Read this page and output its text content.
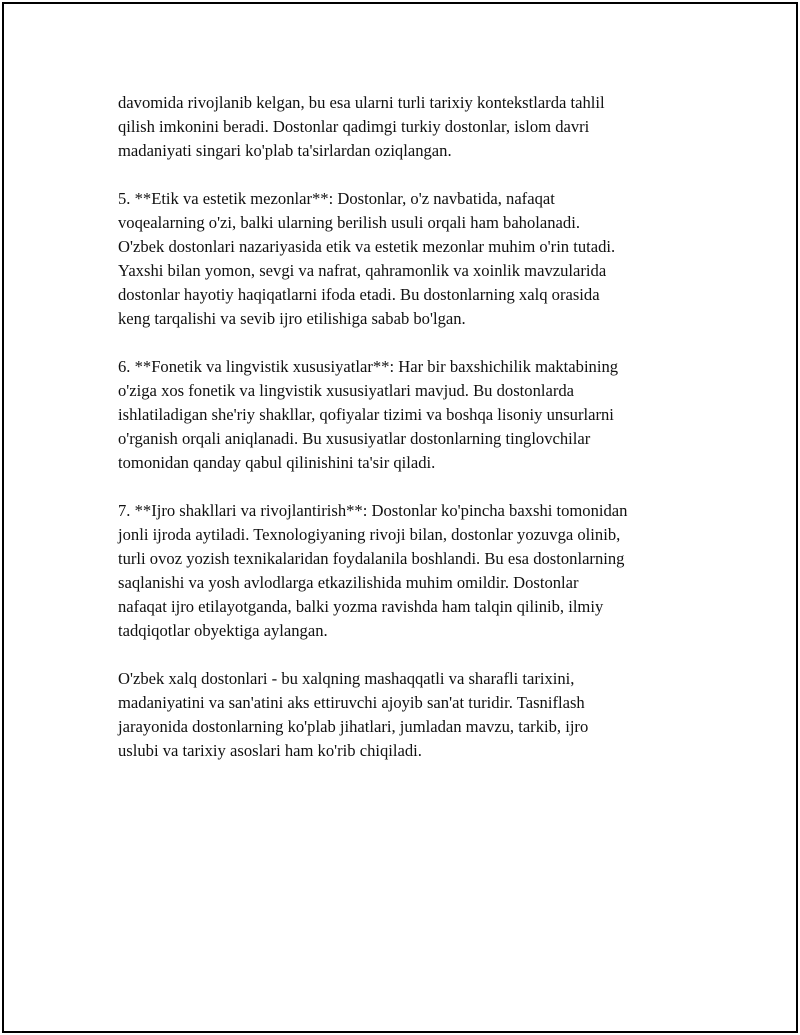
davomida rivojlanib kelgan, bu esa ularni turli tarixiy kontekstlarda tahlil
qilish imkonini beradi. Dostonlar qadimgi turkiy dostonlar, islom davri
madaniyati singari ko'plab ta'sirlardan oziqlangan.

5. **Etik va estetik mezonlar**: Dostonlar, o'z navbatida, nafaqat
voqealarning o'zi, balki ularning berilish usuli orqali ham baholanadi.
O'zbek dostonlari nazariyasida etik va estetik mezonlar muhim o'rin tutadi.
Yaxshi bilan yomon, sevgi va nafrat, qahramonlik va xoinlik mavzularida
dostonlar hayotiy haqiqatlarni ifoda etadi. Bu dostonlarning xalq orasida
keng tarqalishi va sevib ijro etilishiga sabab bo'lgan.

6. **Fonetik va lingvistik xususiyatlar**: Har bir baxshichilik maktabining
o'ziga xos fonetik va lingvistik xususiyatlari mavjud. Bu dostonlarda
ishlatiladigan she'riy shakllar, qofiyalar tizimi va boshqa lisoniy unsurlarni
o'rganish orqali aniqlanadi. Bu xususiyatlar dostonlarning tinglovchilar
tomonidan qanday qabul qilinishini ta'sir qiladi.

7. **Ijro shakllari va rivojlantirish**: Dostonlar ko'pincha baxshi tomonidan
jonli ijroda aytiladi. Texnologiyaning rivoji bilan, dostonlar yozuvga olinib,
turli ovoz yozish texnikalaridan foydalanila boshlandi. Bu esa dostonlarning
saqlanishi va yosh avlodlarga etkazilishida muhim omildir. Dostonlar
nafaqat ijro etilayotganda, balki yozma ravishda ham talqin qilinib, ilmiy
tadqiqotlar obyektiga aylangan.

O'zbek xalq dostonlari - bu xalqning mashaqqatli va sharafli tarixini,
madaniyatini va san'atini aks ettiruvchi ajoyib san'at turidir. Tasniflash
jarayonida dostonlarning ko'plab jihatlari, jumladan mavzu, tarkib, ijro
uslubi va tarixiy asoslari ham ko'rib chiqiladi.
